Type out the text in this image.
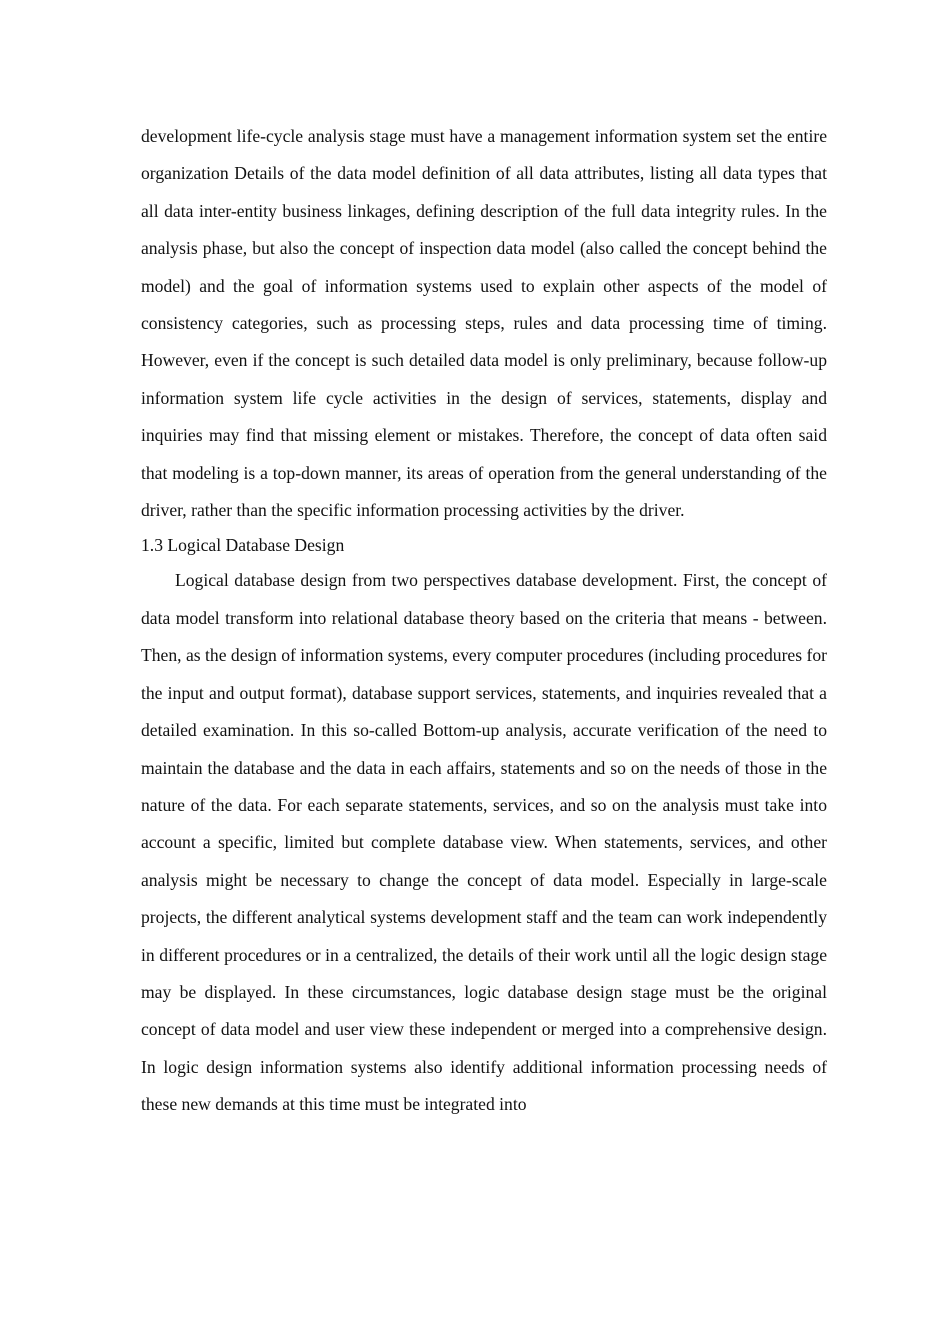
development life-cycle analysis stage must have a management information system set the entire organization Details of the data model definition of all data attributes, listing all data types that all data inter-entity business linkages, defining description of the full data integrity rules. In the analysis phase, but also the concept of inspection data model (also called the concept behind the model) and the goal of information systems used to explain other aspects of the model of consistency categories, such as processing steps, rules and data processing time of timing. However, even if the concept is such detailed data model is only preliminary, because follow-up information system life cycle activities in the design of services, statements, display and inquiries may find that missing element or mistakes. Therefore, the concept of data often said that modeling is a top-down manner, its areas of operation from the general understanding of the driver, rather than the specific information processing activities by the driver.

1.3 Logical Database Design

Logical database design from two perspectives database development. First, the concept of data model transform into relational database theory based on the criteria that means - between. Then, as the design of information systems, every computer procedures (including procedures for the input and output format), database support services, statements, and inquiries revealed that a detailed examination. In this so-called Bottom-up analysis, accurate verification of the need to maintain the database and the data in each affairs, statements and so on the needs of those in the nature of the data. For each separate statements, services, and so on the analysis must take into account a specific, limited but complete database view. When statements, services, and other analysis might be necessary to change the concept of data model. Especially in large-scale projects, the different analytical systems development staff and the team can work independently in different procedures or in a centralized, the details of their work until all the logic design stage may be displayed. In these circumstances, logic database design stage must be the original concept of data model and user view these independent or merged into a comprehensive design. In logic design information systems also identify additional information processing needs of these new demands at this time must be integrated into
